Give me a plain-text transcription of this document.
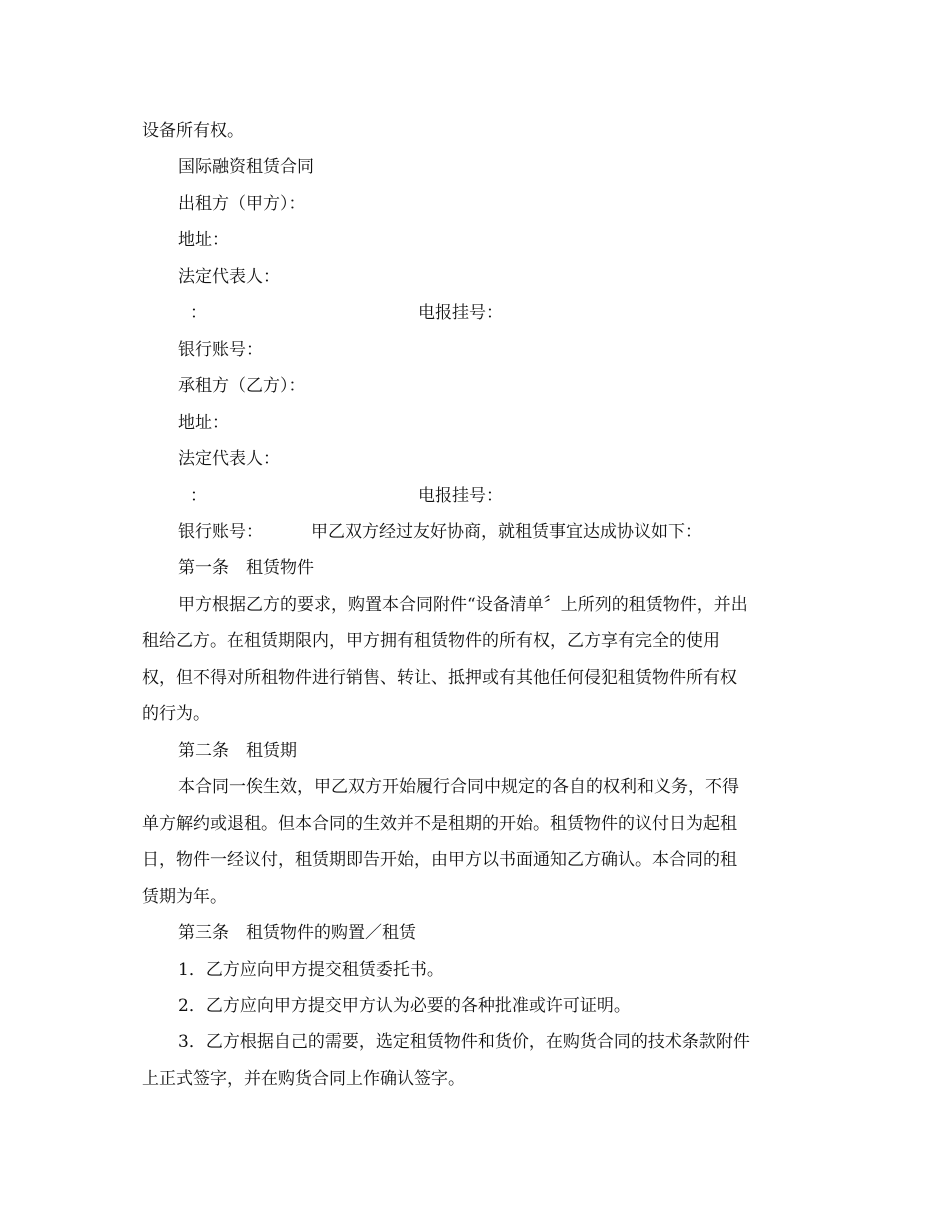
设备所有权。
国际融资租赁合同
出租方（甲方）：
地址：
法定代表人：
：	电报挂号：
银行账号：
承租方（乙方）：
地址：
法定代表人：
：	电报挂号：
银行账号：	甲乙双方经过友好协商，就租赁事宜达成协议如下：
第一条　租赁物件
甲方根据乙方的要求，购置本合同附件“设备清单〞上所列的租赁物件，并出
租给乙方。在租赁期限内，甲方拥有租赁物件的所有权，乙方享有完全的使用
权，但不得对所租物件进行销售、转让、抵押或有其他任何侵犯租赁物件所有权
的行为。
第二条　租赁期
本合同一俟生效，甲乙双方开始履行合同中规定的各自的权利和义务，不得
单方解约或退租。但本合同的生效并不是租期的开始。租赁物件的议付日为起租
日，物件一经议付，租赁期即告开始，由甲方以书面通知乙方确认。本合同的租
赁期为年。
第三条　租赁物件的购置／租赁
1．乙方应向甲方提交租赁委托书。
2．乙方应向甲方提交甲方认为必要的各种批准或许可证明。
3．乙方根据自己的需要，选定租赁物件和货价，在购货合同的技术条款附件
上正式签字，并在购货合同上作确认签字。
